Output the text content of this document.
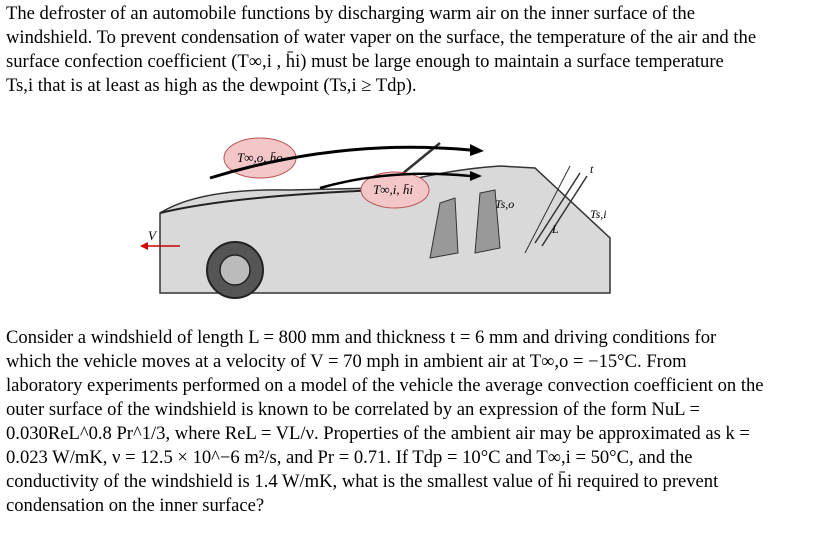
The defroster of an automobile functions by discharging warm air on the inner surface of the
windshield. To prevent condensation of water vaper on the surface, the temperature of the air and the
surface confection coefficient (T∞,i , h̄i) must be large enough to maintain a surface temperature
Ts,i that is at least as high as the dewpoint (Ts,i ≥ Tdp).
T∞,o, h̄o
T∞,i, h̄i
V
Ts,o
Ts,i
L
t
Consider a windshield of length L = 800 mm and thickness t = 6 mm and driving conditions for
which the vehicle moves at a velocity of V = 70 mph in ambient air at T∞,o = −15°C. From
laboratory experiments performed on a model of the vehicle the average convection coefficient on the
outer surface of the windshield is known to be correlated by an expression of the form NuL =
0.030ReL^0.8 Pr^1/3, where ReL = VL/ν. Properties of the ambient air may be approximated as k =
0.023 W/mK, ν = 12.5 × 10^−6 m²/s, and Pr = 0.71. If Tdp = 10°C and T∞,i = 50°C, and the
conductivity of the windshield is 1.4 W/mK, what is the smallest value of h̄i required to prevent
condensation on the inner surface?
